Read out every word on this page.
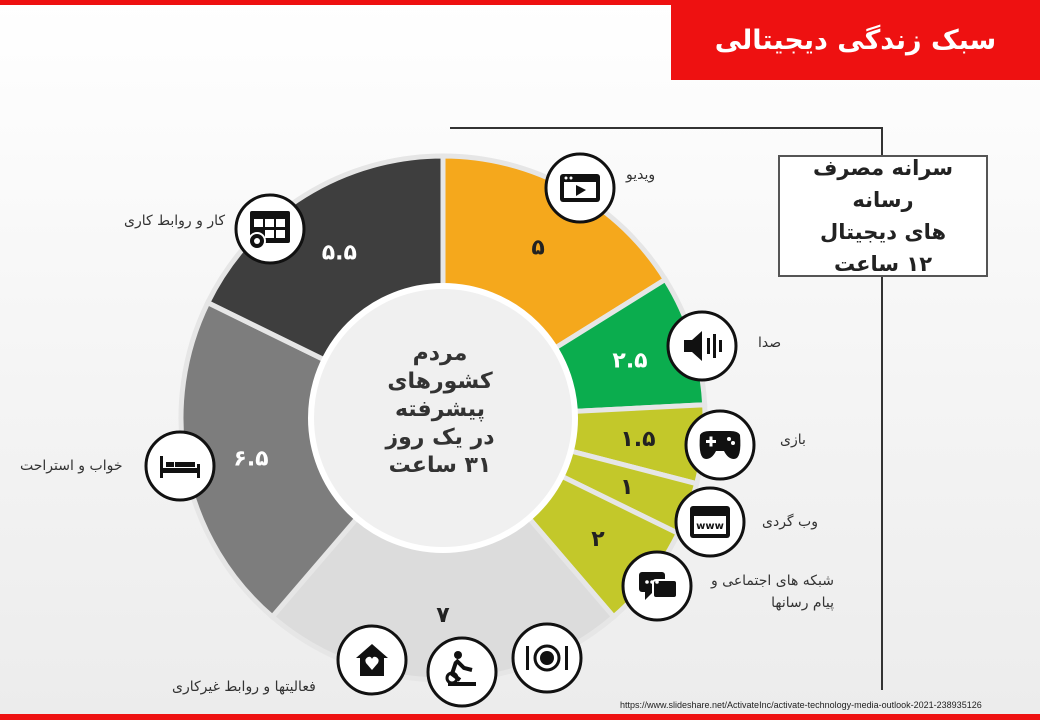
سبک زندگی دیجیتالی
۵
۲.۵
۱.۵
۱
۲
۷
۶.۵
۵.۵
www
سرانه مصرف رسانه
های دیجیتال
۱۲ ساعت
مردم
کشورهای
پیشرفته
در یک روز
۳۱ ساعت
ویدیو
صدا
بازی
وب گردی
شبکه های اجتماعی و پیام رسانها
فعالیتها و روابط غیرکاری
خواب و استراحت
کار و روابط کاری
https://www.slideshare.net/ActivateInc/activate-technology-media-outlook-2021-238935126
